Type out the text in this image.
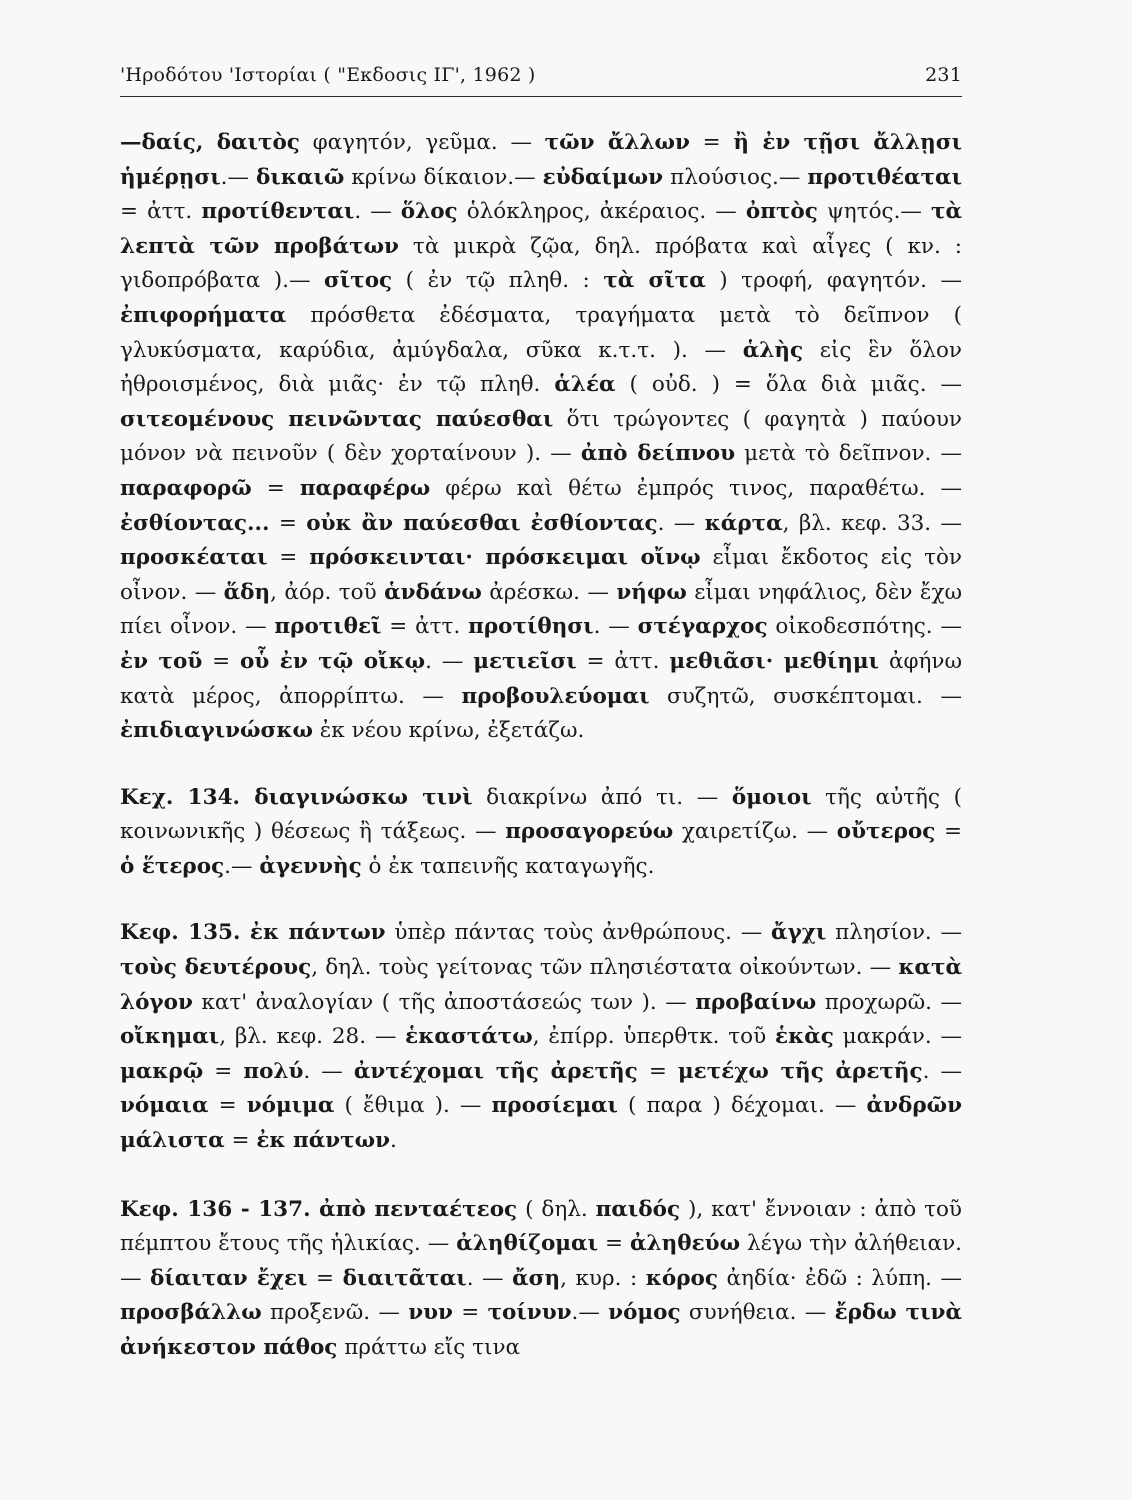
'Ηροδότου 'Ιστορίαι ( "Εκδοσις ΙΓ', 1962 )	231

—δαίς, δαιτὸς φαγητόν, γεῦμα. — τῶν ἄλλων = ἢ ἐν τῇσι ἄλλῃσι ἡμέρῃσι.— δικαιῶ κρίνω δίκαιον.— εὐδαίμων πλούσιος.— προτιθέαται = ἀττ. προτίθενται. — ὅλος ὁλόκληρος, ἀκέραιος. — ὀπτὸς ψητός.— τὰ λεπτὰ τῶν προβάτων τὰ μικρὰ ζῷα, δηλ. πρόβατα καὶ αἶγες ( κν. : γιδοπρόβατα ).— σῖτος ( ἐν τῷ πληθ. : τὰ σῖτα ) τροφή, φαγητόν. — ἐπιφορήματα πρόσθετα ἐδέσματα, τραγήματα μετὰ τὸ δεῖπνον ( γλυκύσματα, καρύδια, ἀμύγδαλα, σῦκα κ.τ.τ. ). — ἁλὴς εἰς ἓν ὅλον ἠθροισμένος, διὰ μιᾶς· ἐν τῷ πληθ. ἁλέα ( οὐδ. ) = ὅλα διὰ μιᾶς. — σιτεομένους πεινῶντας παύεσθαι ὅτι τρώγοντες ( φαγητὰ ) παύουν μόνον νὰ πεινοῦν ( δὲν χορταίνουν ). — ἀπὸ δείπνου μετὰ τὸ δεῖπνον. — παραφορῶ = παραφέρω φέρω καὶ θέτω ἐμπρός τινος, παραθέτω. — ἐσθίοντας... = οὐκ ἂν παύεσθαι ἐσθίοντας. — κάρτα, βλ. κεφ. 33. — προσκέαται = πρόσκεινται· πρόσκειμαι οἴνῳ εἶμαι ἔκδοτος εἰς τὸν οἶνον. — ἅδη, ἀόρ. τοῦ ἁνδάνω ἀρέσκω. — νήφω εἶμαι νηφάλιος, δὲν ἔχω πίει οἶνον. — προτιθεῖ = ἀττ. προτίθησι. — στέγαρχος οἰκοδεσπότης. — ἐν τοῦ = οὗ ἐν τῷ οἴκῳ. — μετιεῖσι = ἀττ. μεθιᾶσι· μεθίημι ἀφήνω κατὰ μέρος, ἀπορρίπτω. — προβουλεύομαι συζητῶ, συσκέπτομαι. — ἐπιδιαγινώσκω ἐκ νέου κρίνω, ἐξετάζω.

Κεχ. 134. διαγινώσκω τινὶ διακρίνω ἀπό τι. — ὅμοιοι τῆς αὐτῆς ( κοινωνικῆς ) θέσεως ἢ τάξεως. — προσαγορεύω χαιρετίζω. — οὔτερος = ὁ ἕτερος.— ἀγεννὴς ὁ ἐκ ταπεινῆς καταγωγῆς.

Κεφ. 135. ἐκ πάντων ὑπὲρ πάντας τοὺς ἀνθρώπους. — ἄγχι πλησίον. — τοὺς δευτέρους, δηλ. τοὺς γείτονας τῶν πλησιέστατα οἰκούντων. — κατὰ λόγον κατ' ἀναλογίαν ( τῆς ἀποστάσεώς των ). — προβαίνω προχωρῶ. — οἴκημαι, βλ. κεφ. 28. — ἑκαστάτω, ἐπίρρ. ὑπερθτκ. τοῦ ἑκὰς μακράν. — μακρῷ = πολύ. — ἀντέχομαι τῆς ἀρετῆς = μετέχω τῆς ἀρετῆς. — νόμαια = νόμιμα ( ἔθιμα ). — προσίεμαι ( παρα ) δέχομαι. — ἀνδρῶν μάλιστα = ἐκ πάντων.

Κεφ. 136 - 137. ἀπὸ πενταέτεος ( δηλ. παιδός ), κατ' ἔννοιαν : ἀπὸ τοῦ πέμπτου ἔτους τῆς ἡλικίας. — ἀληθίζομαι = ἀληθεύω λέγω τὴν ἀλήθειαν. — δίαιταν ἔχει = διαιτᾶται. — ἄση, κυρ. : κόρος ἀηδία· ἐδῶ : λύπη. — προσβάλλω προξενῶ. — νυν = τοίνυν.— νόμος συνήθεια. — ἔρδω τινὰ ἀνήκεστον πάθος πράττω εἴς τινα
